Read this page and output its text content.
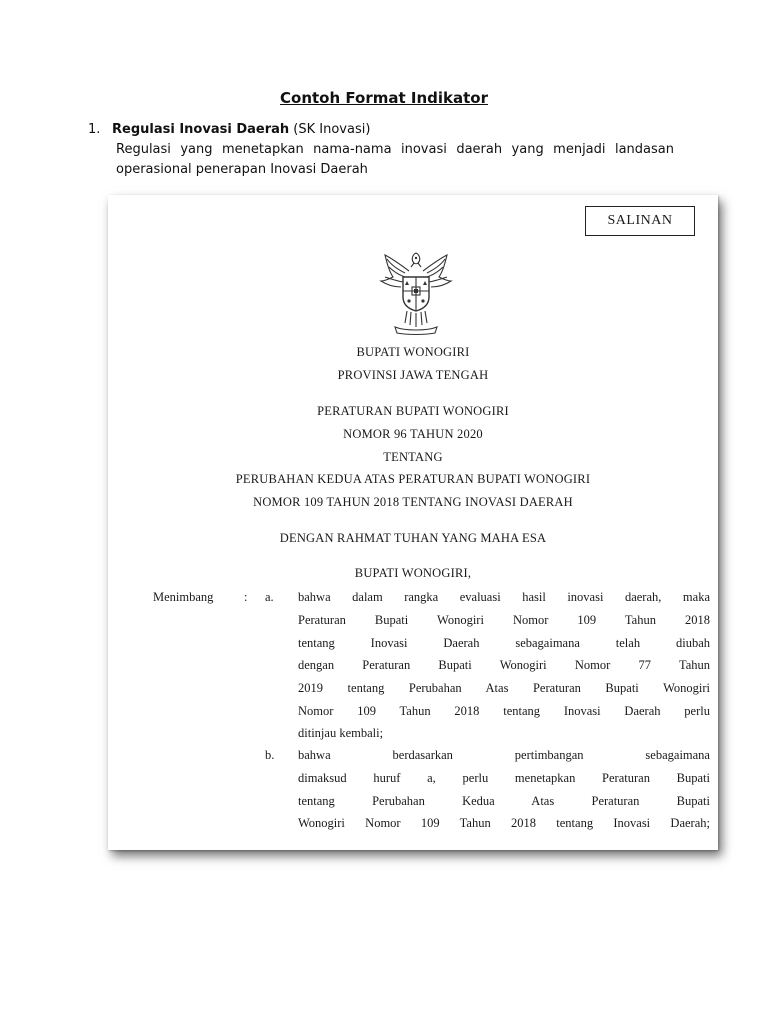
Contoh Format Indikator
1. Regulasi Inovasi Daerah (SK Inovasi)
Regulasi yang menetapkan nama-nama inovasi daerah yang menjadi landasan operasional penerapan Inovasi Daerah
SALINAN
BUPATI WONOGIRI
PROVINSI JAWA TENGAH
PERATURAN BUPATI WONOGIRI
NOMOR 96 TAHUN 2020
TENTANG
PERUBAHAN KEDUA ATAS PERATURAN BUPATI WONOGIRI
NOMOR 109 TAHUN 2018 TENTANG INOVASI DAERAH
DENGAN RAHMAT TUHAN YANG MAHA ESA
BUPATI WONOGIRI,
Menimbang : a. bahwa dalam rangka evaluasi hasil inovasi daerah, maka
Peraturan Bupati Wonogiri Nomor 109 Tahun 2018
tentang Inovasi Daerah sebagaimana telah diubah
dengan Peraturan Bupati Wonogiri Nomor 77 Tahun
2019 tentang Perubahan Atas Peraturan Bupati Wonogiri
Nomor 109 Tahun 2018 tentang Inovasi Daerah perlu
ditinjau kembali;
b. bahwa berdasarkan pertimbangan sebagaimana
dimaksud huruf a, perlu menetapkan Peraturan Bupati
tentang Perubahan Kedua Atas Peraturan Bupati
Wonogiri Nomor 109 Tahun 2018 tentang Inovasi Daerah;
